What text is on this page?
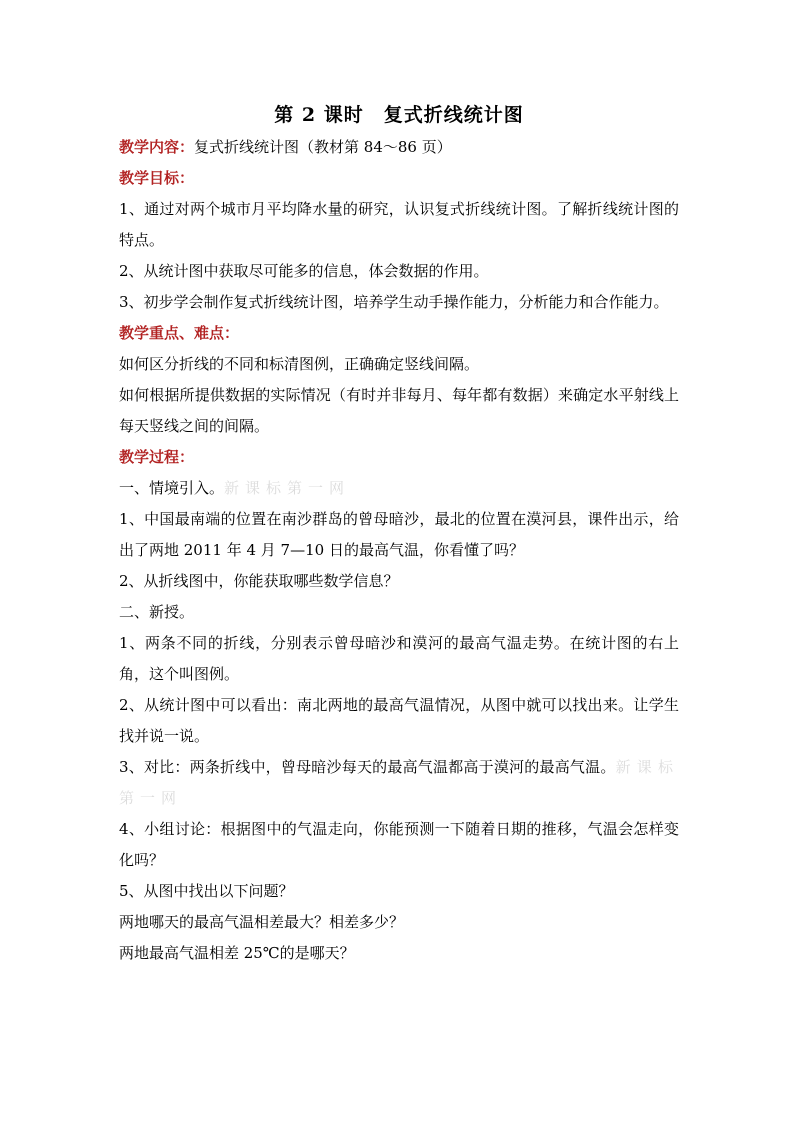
第 2 课时　复式折线统计图

教学内容：复式折线统计图（教材第 84～86 页）

教学目标：

1、通过对两个城市月平均降水量的研究，认识复式折线统计图。了解折线统计图的特点。

2、从统计图中获取尽可能多的信息，体会数据的作用。

3、初步学会制作复式折线统计图，培养学生动手操作能力，分析能力和合作能力。

教学重点、难点：

如何区分折线的不同和标清图例，正确确定竖线间隔。

如何根据所提供数据的实际情况（有时并非每月、每年都有数据）来确定水平射线上每天竖线之间的间隔。

教学过程：

一、情境引入。新课标第一网

1、中国最南端的位置在南沙群岛的曾母暗沙，最北的位置在漠河县，课件出示，给出了两地 2011 年 4 月 7—10 日的最高气温，你看懂了吗？

2、从折线图中，你能获取哪些数学信息？

二、新授。

1、两条不同的折线，分别表示曾母暗沙和漠河的最高气温走势。在统计图的右上角，这个叫图例。

2、从统计图中可以看出：南北两地的最高气温情况，从图中就可以找出来。让学生找并说一说。

3、对比：两条折线中，曾母暗沙每天的最高气温都高于漠河的最高气温。新课标第一网

4、小组讨论：根据图中的气温走向，你能预测一下随着日期的推移，气温会怎样变化吗？

5、从图中找出以下问题？

两地哪天的最高气温相差最大？相差多少？

两地最高气温相差 25℃的是哪天？
